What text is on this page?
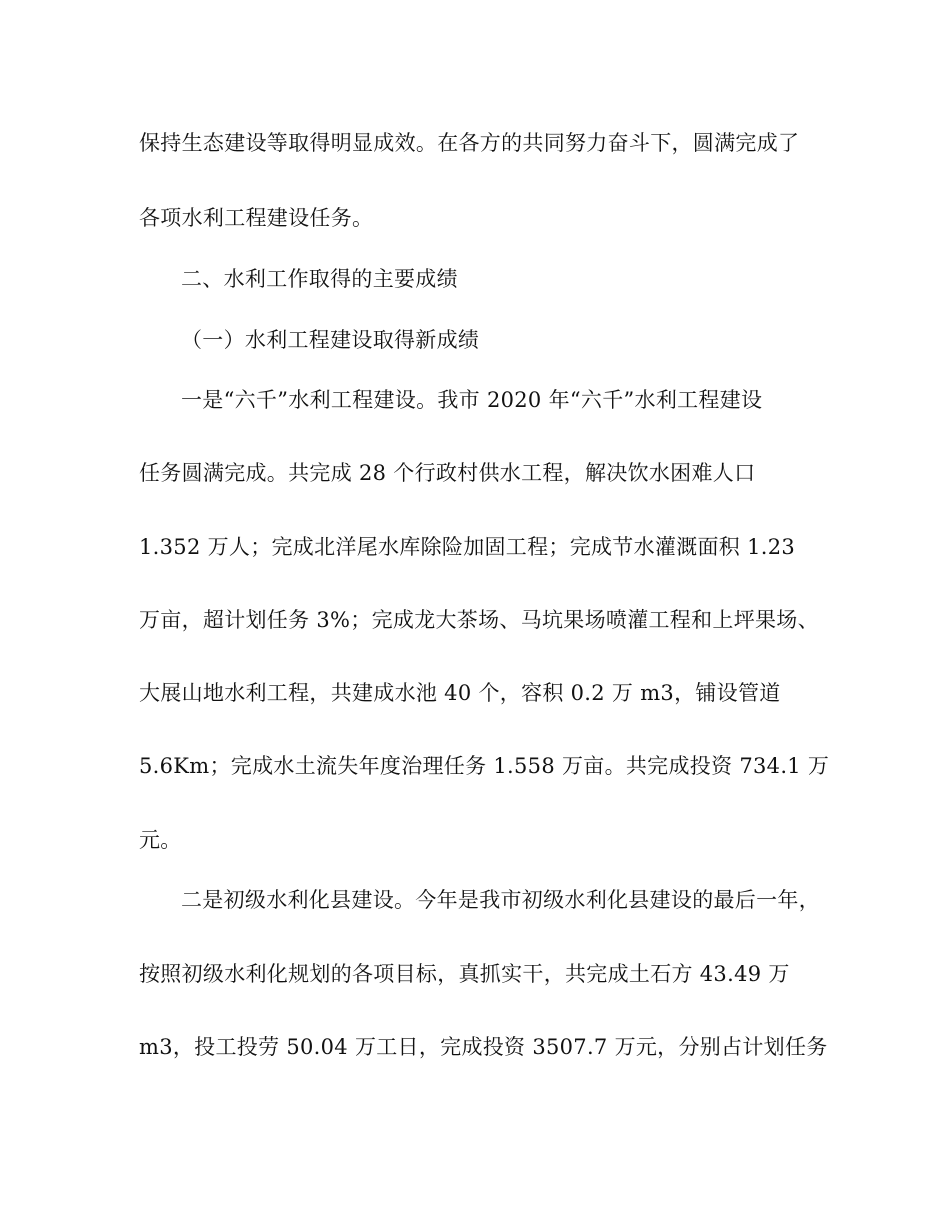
保持生态建设等取得明显成效。在各方的共同努力奋斗下，圆满完成了
各项水利工程建设任务。
二、水利工作取得的主要成绩
（一）水利工程建设取得新成绩
一是“六千”水利工程建设。我市 2020 年“六千”水利工程建设
任务圆满完成。共完成 28 个行政村供水工程，解决饮水困难人口
1.352 万人；完成北洋尾水库除险加固工程；完成节水灌溉面积 1.23
万亩，超计划任务 3%；完成龙大茶场、马坑果场喷灌工程和上坪果场、
大展山地水利工程，共建成水池 40 个，容积 0.2 万 m3，铺设管道
5.6Km；完成水土流失年度治理任务 1.558 万亩。共完成投资 734.1 万
元。
二是初级水利化县建设。今年是我市初级水利化县建设的最后一年，
按照初级水利化规划的各项目标，真抓实干，共完成土石方 43.49 万
m3，投工投劳 50.04 万工日，完成投资 3507.7 万元，分别占计划任务
